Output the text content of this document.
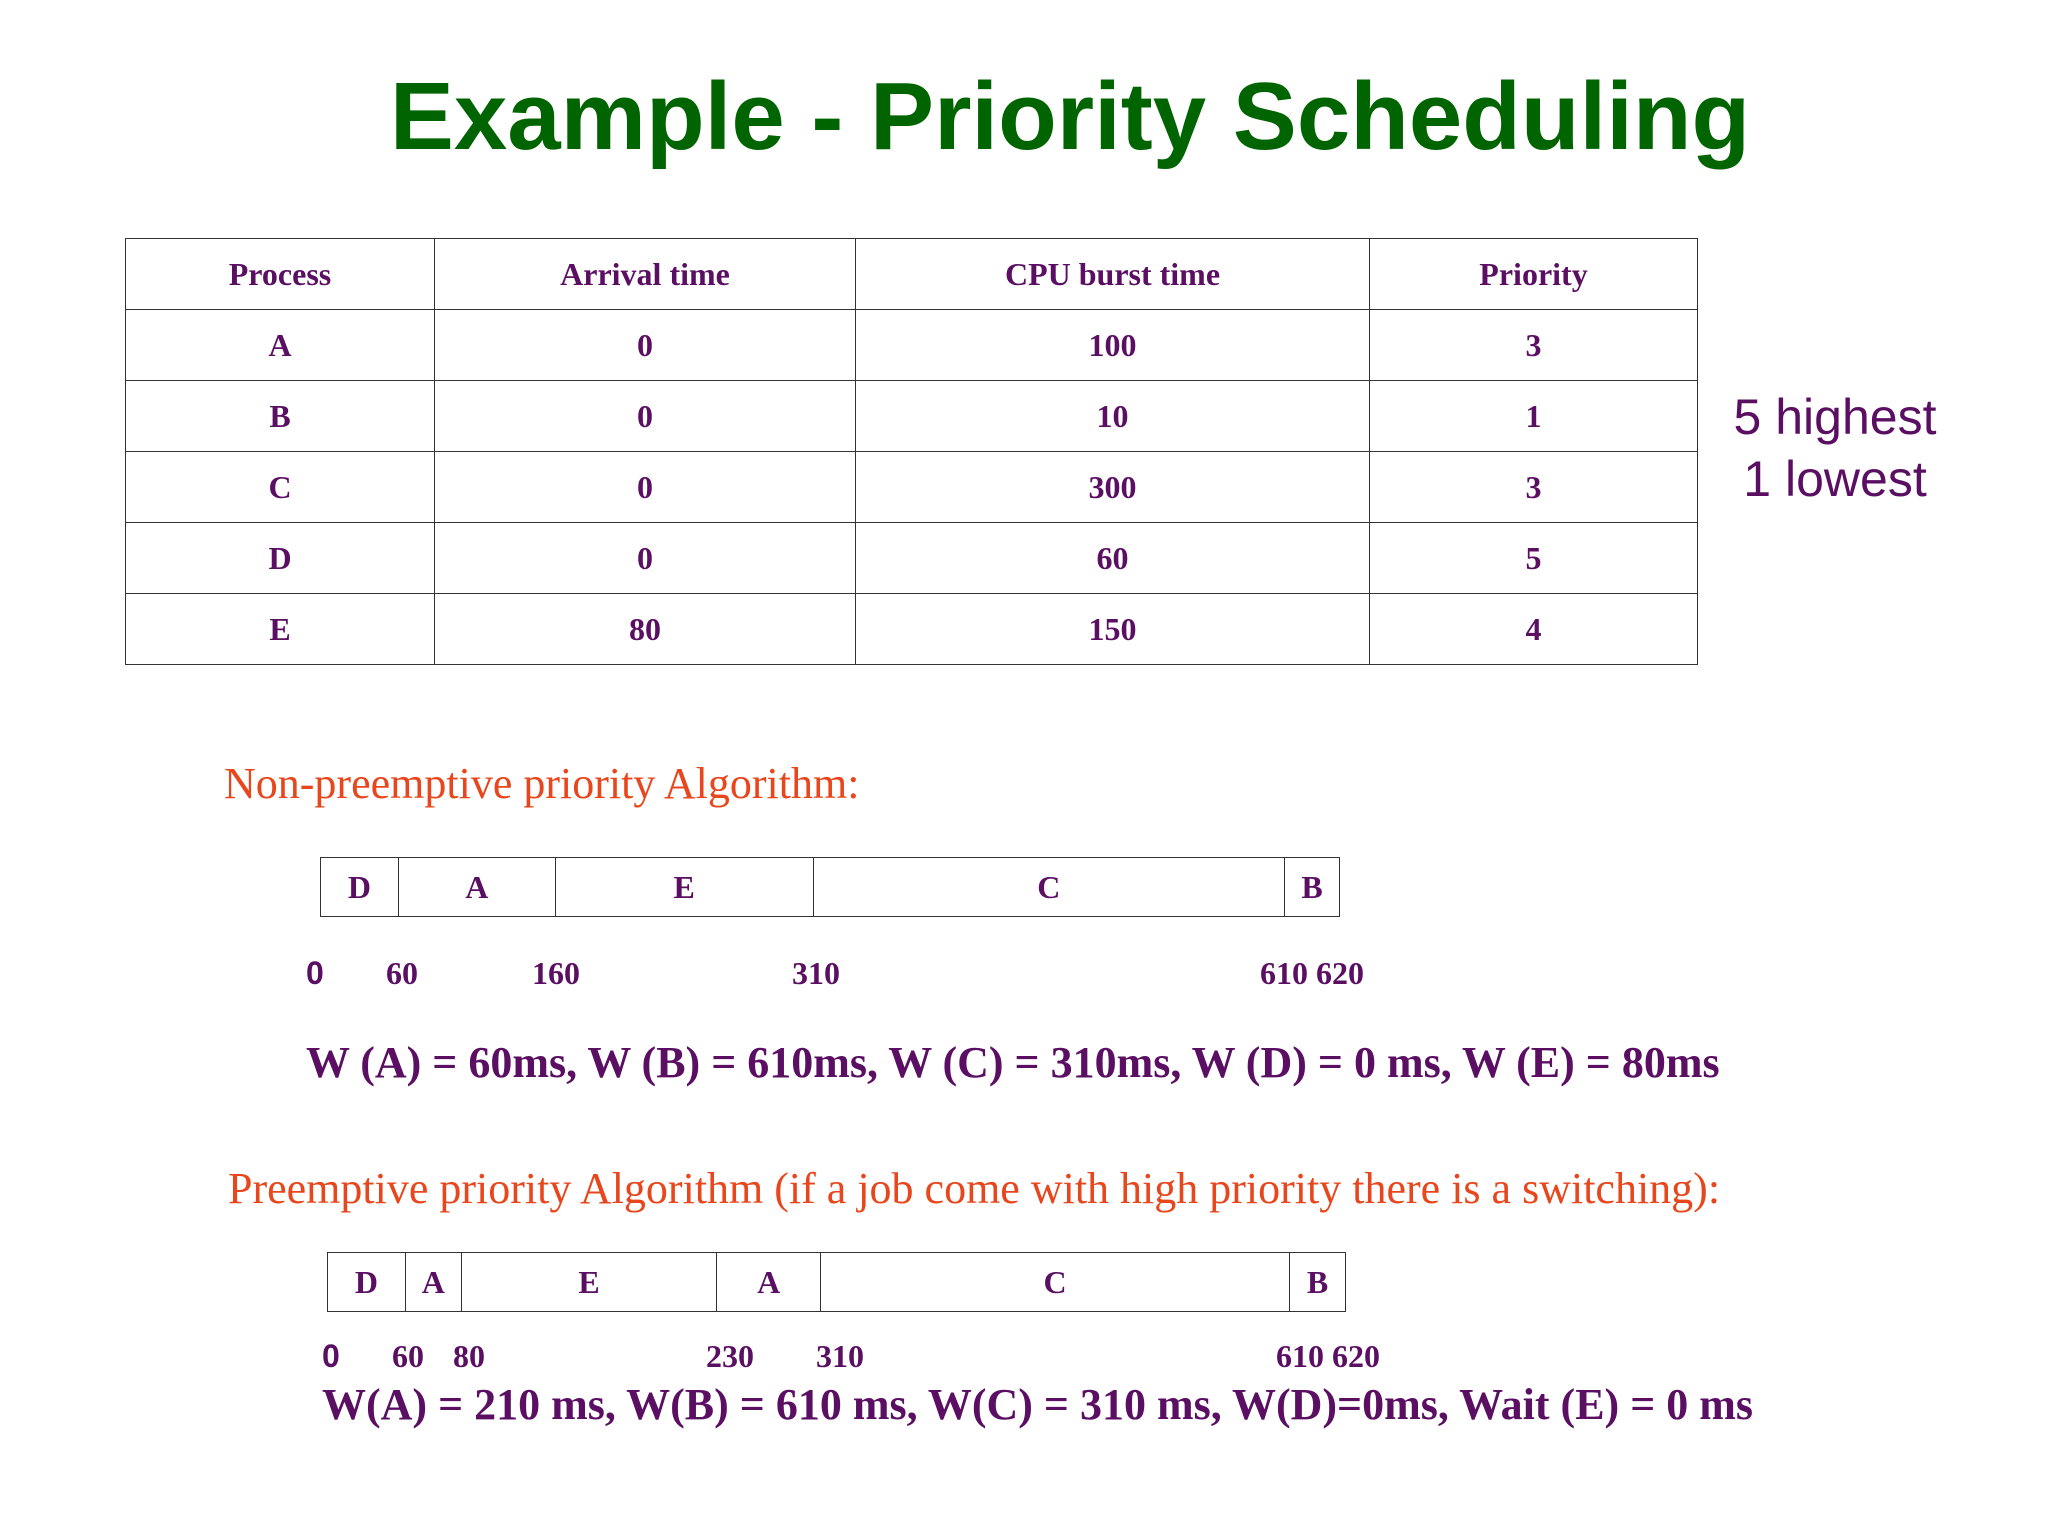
Example - Priority Scheduling
Process	Arrival time	CPU burst time	Priority
A	0	100	3
B	0	10	1
C	0	300	3
D	0	60	5
E	80	150	4
5 highest
1 lowest
Non-preemptive priority Algorithm:
D	A	E	C	B
0 60	160	310	610 620
W (A) = 60ms, W (B) = 610ms, W (C) = 310ms, W (D) = 0 ms, W (E) = 80ms
Preemptive priority Algorithm (if a job come with high priority there is a switching):
D	A	E	A	C	B
0 60 80	230 310	610 620
W(A) = 210 ms, W(B) = 610 ms, W(C) = 310 ms, W(D)=0ms, Wait (E) = 0 ms
